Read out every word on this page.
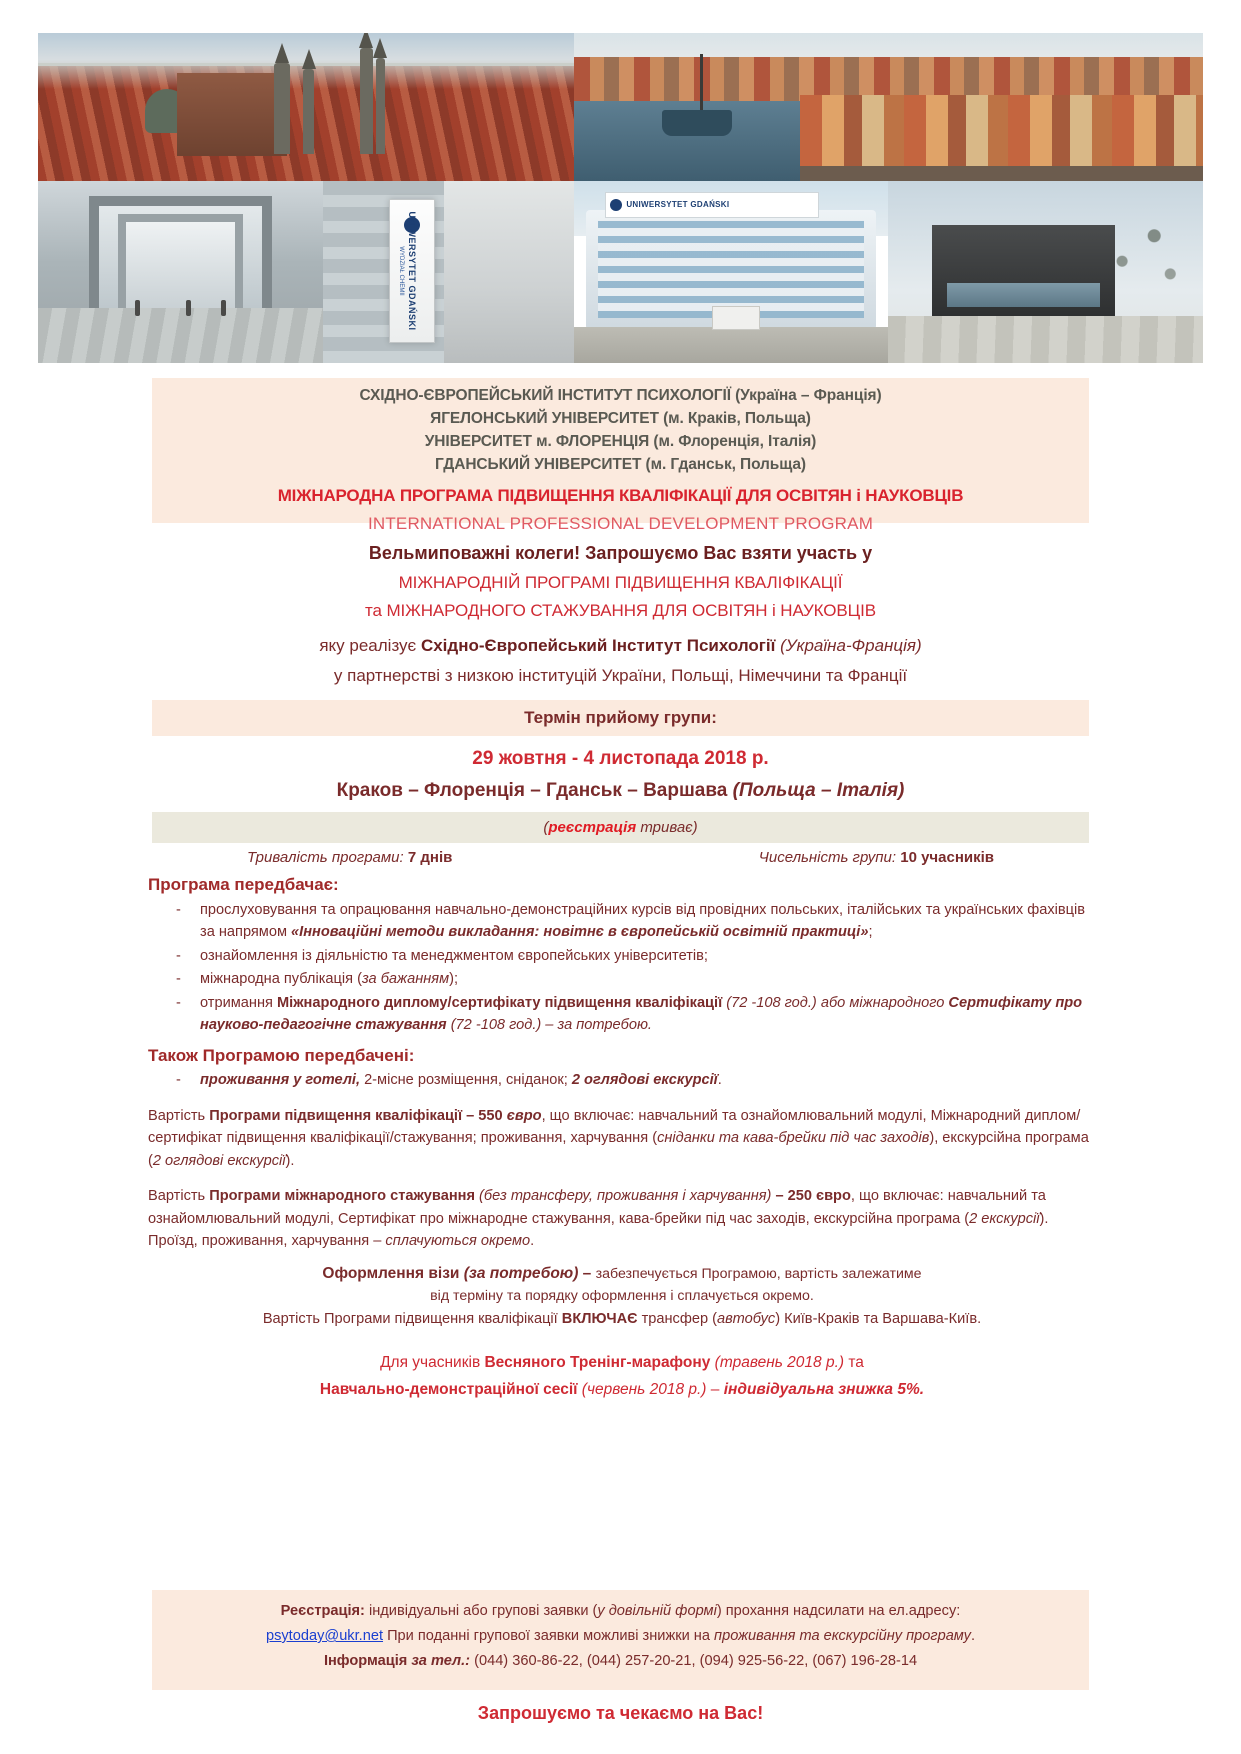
UNIWERSYTET GDAŃSKI
WYDZIAŁ CHEMII
UNIWERSYTET GDAŃSKI
СХІДНО-ЄВРОПЕЙСЬКИЙ ІНСТИТУТ ПСИХОЛОГІЇ (Україна – Франція)
ЯГЕЛОНСЬКИЙ УНІВЕРСИТЕТ (м. Краків, Польща)
УНІВЕРСИТЕТ м. ФЛОРЕНЦІЯ (м. Флоренція, Італія)
ГДАНСЬКИЙ УНІВЕРСИТЕТ (м. Гданськ, Польща)
МІЖНАРОДНА ПРОГРАМА ПІДВИЩЕННЯ КВАЛІФІКАЦІЇ ДЛЯ ОСВІТЯН і НАУКОВЦІВ
INTERNATIONAL PROFESSIONAL DEVELOPMENT PROGRAM
Вельмиповажні колеги! Запрошуємо Вас взяти участь у
МІЖНАРОДНІЙ ПРОГРАМІ ПІДВИЩЕННЯ КВАЛІФІКАЦІЇ
та МІЖНАРОДНОГО СТАЖУВАННЯ ДЛЯ ОСВІТЯН і НАУКОВЦІВ
яку реалізує Східно-Європейський Інститут Психології (Україна-Франція)
у партнерстві з низкою інституцій України, Польщі, Німеччини та Франції
Термін прийому групи:
29 жовтня - 4 листопада 2018 р.
Краков – Флоренція – Гданськ – Варшава (Польща – Італія)
(реєстрація триває)
Тривалість програми: 7 днів	Чисельність групи: 10 учасників
Програма передбачає:
- прослуховування та опрацювання навчально-демонстраційних курсів від провідних польських, італійських та українських фахівців за напрямом «Інноваційні методи викладання: новітнє в європейській освітній практиці»;
- ознайомлення із діяльністю та менеджментом європейських університетів;
- міжнародна публікація (за бажанням);
- отримання Міжнародного диплому/сертифікату підвищення кваліфікації (72 -108 год.) або міжнародного Сертифікату про науково-педагогічне стажування (72 -108 год.) – за потребою.
Також Програмою передбачені:
- проживання у готелі, 2-місне розміщення, сніданок; 2 оглядові екскурсії.
Вартість Програми підвищення кваліфікації – 550 євро, що включає: навчальний та ознайомлювальний модулі, Міжнародний диплом/сертифікат підвищення кваліфікації/стажування; проживання, харчування (сніданки та кава-брейки під час заходів), екскурсійна програма (2 оглядові екскурсії).
Вартість Програми міжнародного стажування (без трансферу, проживання і харчування) – 250 євро, що включає: навчальний та ознайомлювальний модулі, Сертифікат про міжнародне стажування, кава-брейки під час заходів, екскурсійна програма (2 екскурсії). Проїзд, проживання, харчування – сплачуються окремо.
Оформлення візи (за потребою) – забезпечується Програмою, вартість залежатиме
від терміну та порядку оформлення і сплачується окремо.
Вартість Програми підвищення кваліфікації ВКЛЮЧАЄ трансфер (автобус) Київ-Краків та Варшава-Київ.
Для учасників Весняного Тренінг-марафону (травень 2018 р.) та
Навчально-демонстраційної сесії (червень 2018 р.) – індивідуальна знижка 5%.
Реєстрація: індивідуальні або групові заявки (у довільній формі) прохання надсилати на ел.адресу:
psytoday@ukr.net При поданні групової заявки можливі знижки на проживання та екскурсійну програму.
Інформація за тел.: (044) 360-86-22, (044) 257-20-21, (094) 925-56-22, (067) 196-28-14
Запрошуємо та чекаємо на Вас!
